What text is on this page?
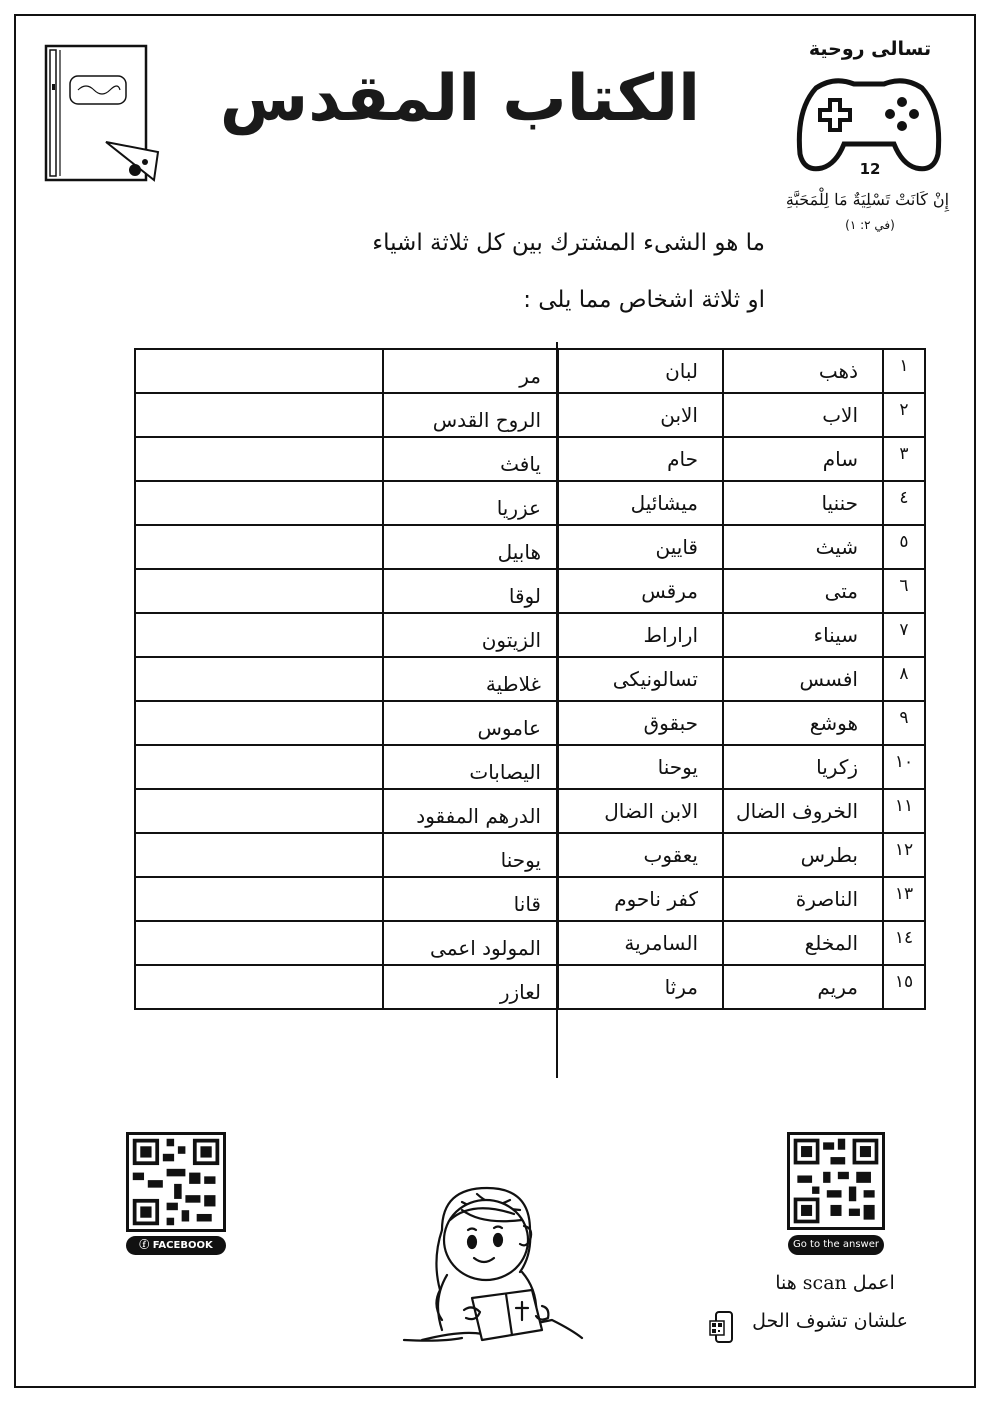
الكتاب المقدس
تسالى روحية
12
إِنْ كَانَتْ تَسْلِيَةٌ مَا لِلْمَحَبَّةِ
(في ٢: ١)
ما هو الشىء المشترك بين كل ثلاثة اشياء
او ثلاثة اشخاص مما يلى :
	مر	لبان	ذهب	١
	الروح القدس	الابن	الاب	٢
	يافث	حام	سام	٣
	عزريا	ميشائيل	حننيا	٤
	هابيل	قايين	شيث	٥
	لوقا	مرقس	متى	٦
	الزيتون	اراراط	سيناء	٧
	غلاطية	تسالونيكى	افسس	٨
	عاموس	حبقوق	هوشع	٩
	اليصابات	يوحنا	زكريا	١٠
	الدرهم المفقود	الابن الضال	الخروف الضال	١١
	يوحنا	يعقوب	بطرس	١٢
	قانا	كفر ناحوم	الناصرة	١٣
	المولود اعمى	السامرية	المخلع	١٤
	لعازر	مرثا	مريم	١٥
ⓕ FACEBOOK	Go to the answer
اعمل scan هنا
علشان تشوف الحل
